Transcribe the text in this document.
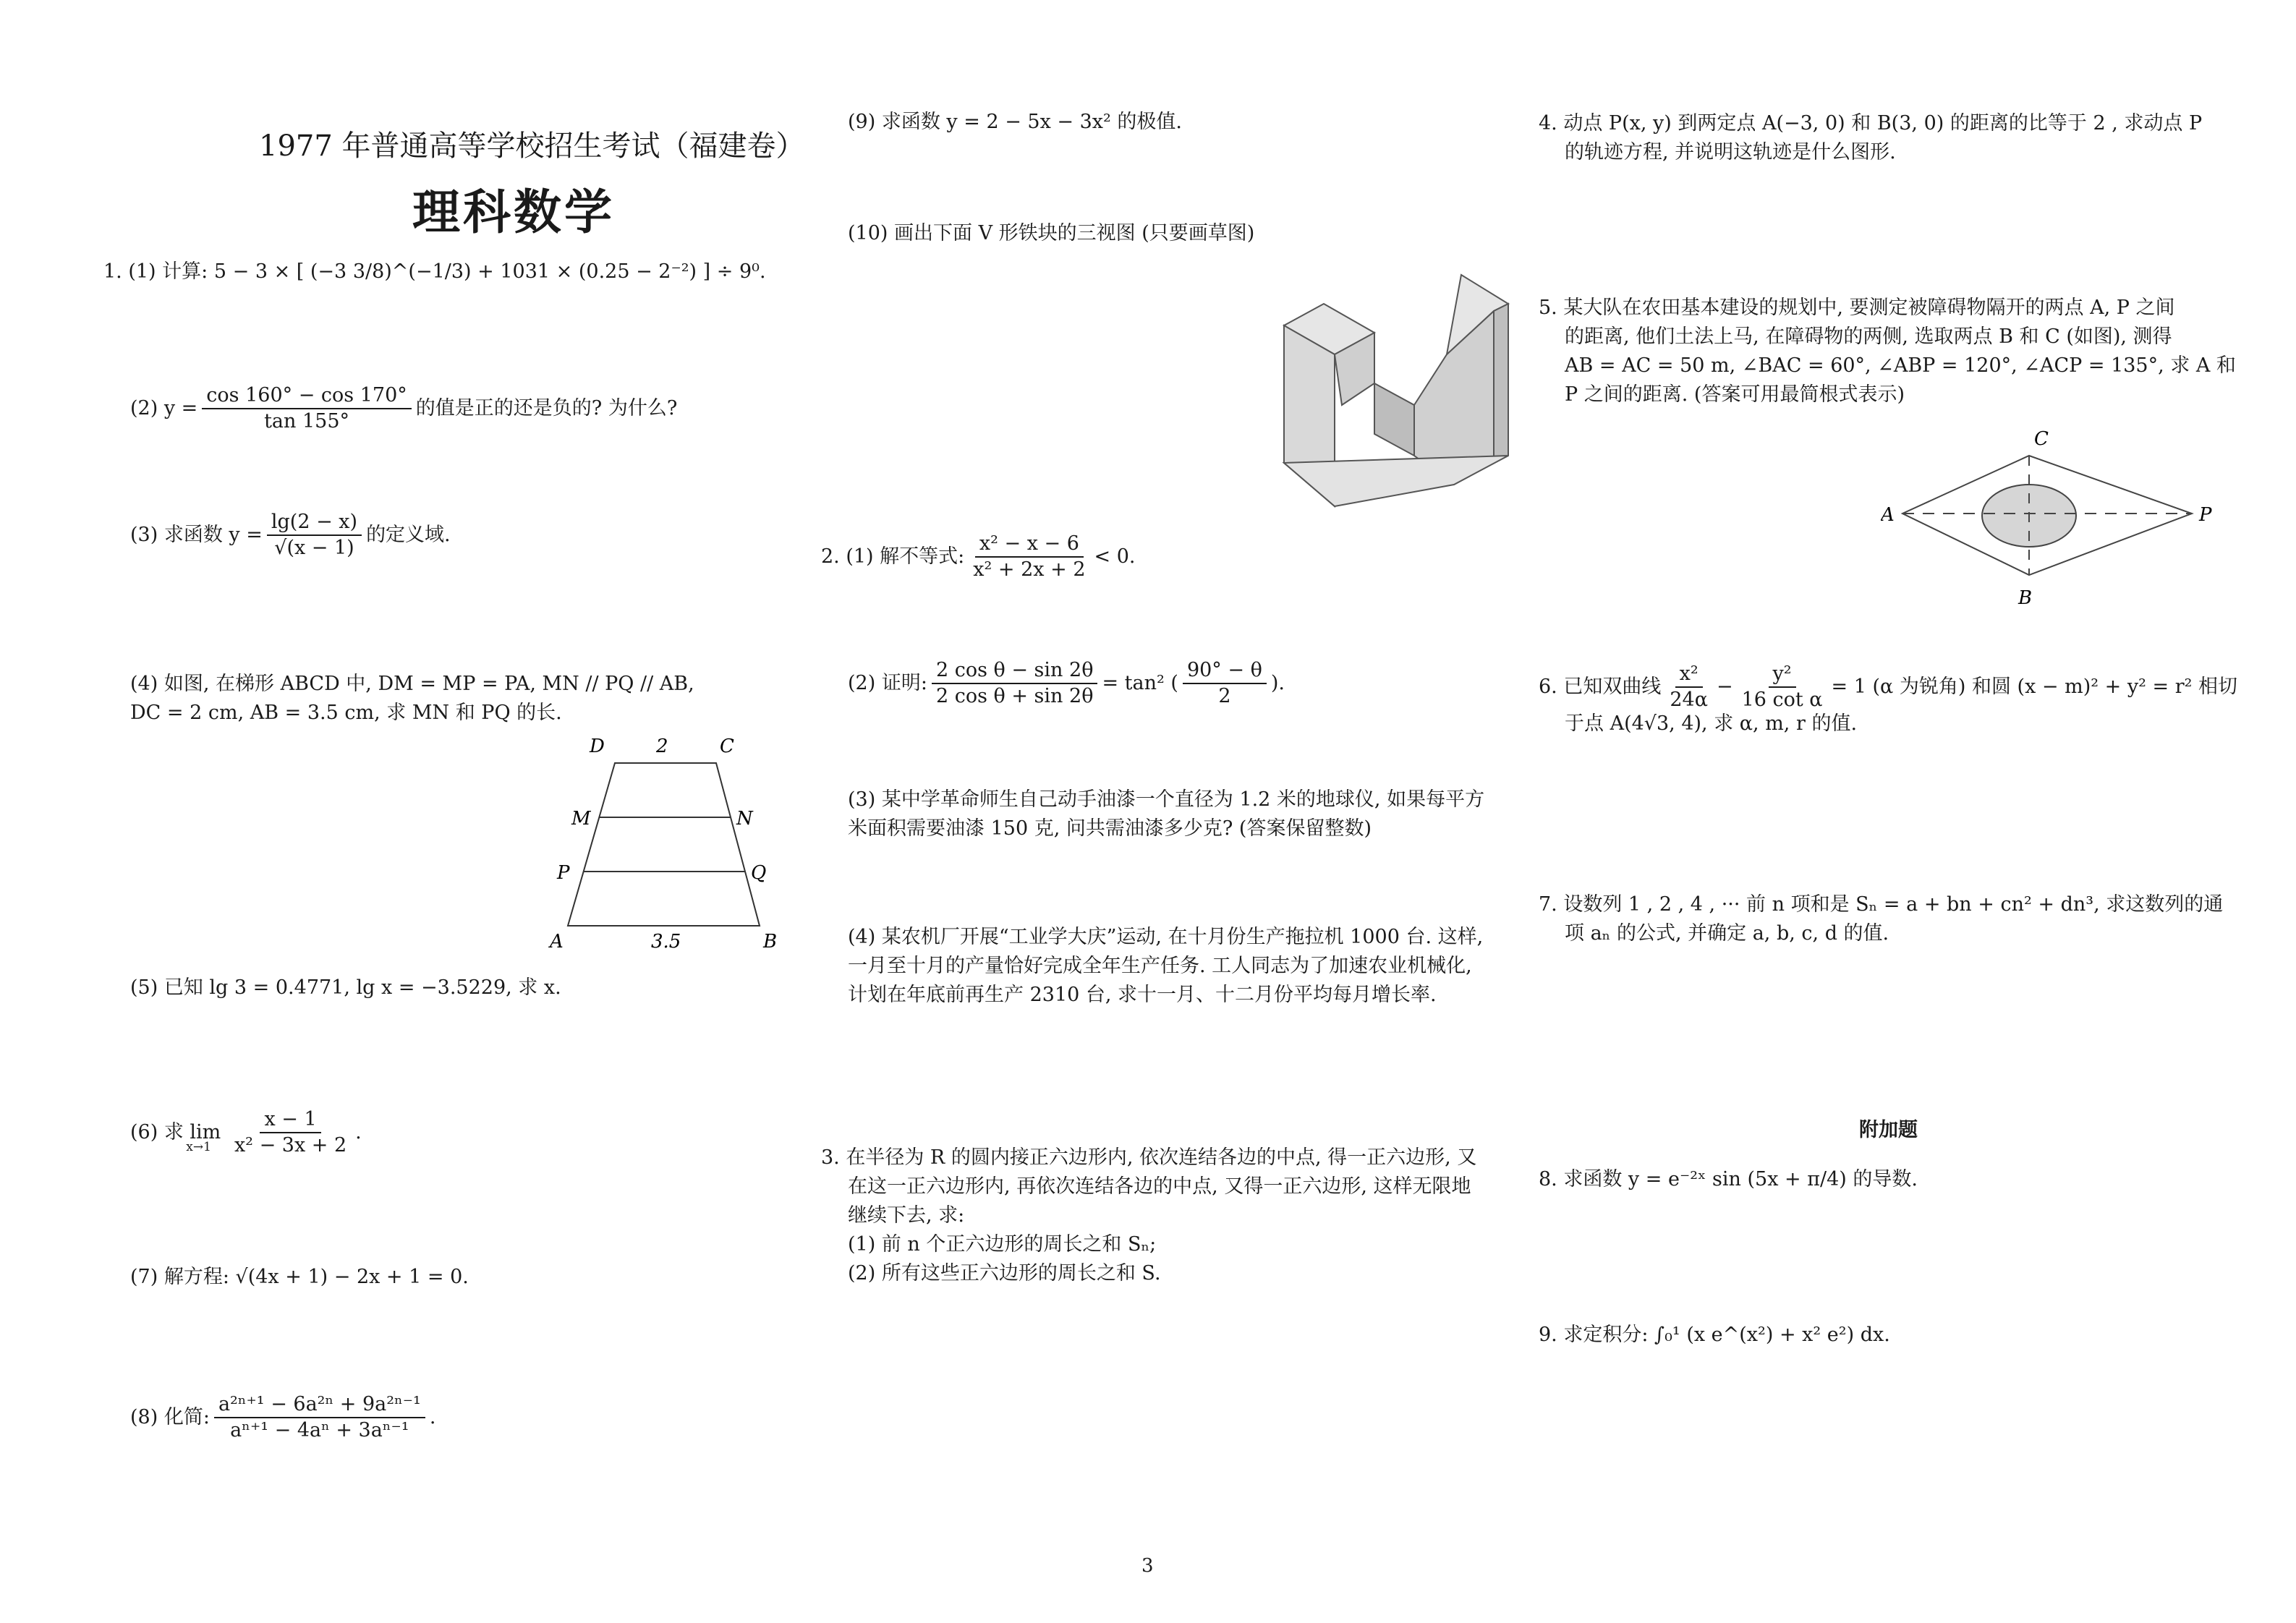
1977 年普通高等学校招生考试（福建卷）
理科数学
1. (1) 计算: 5 − 3 × [ (−3 3/8)^(−1/3) + 1031 × (0.25 − 2⁻²) ] ÷ 9⁰.
(2) $y = \frac{\cos 160^\circ - \cos 170^\circ}{\tan 155^\circ}$ 的值是正的还是负的? 为什么?
(3) 求函数 $y = \frac{\lg(2 - x)}{√(x - 1)}$ 的定义域.
(4) 如图, 在梯形 ABCD 中, DM = MP = PA, MN // PQ // AB,
DC = 2 cm, AB = 3.5 cm, 求 MN 和 PQ 的长.
D	2	C
M	N
P	Q
A	3.5	B
(5) 已知 lg 3 = 0.4771, lg x = −3.5229, 求 x.
(6) 求 lim
$x\to 1 \frac{x - 1}{\text{x² − 3x + 2}}$ .
(7) 解方程: √(4x + 1) − 2x + 1 = 0.
(8) 化简: $\frac{\text{a²ⁿ⁺¹ − 6a²ⁿ + 9a²ⁿ⁻¹}}{\text{aⁿ⁺¹ − 4aⁿ + 3aⁿ⁻¹}}$ .
(9) 求函数 y = 2 − 5x − 3x² 的极值.
(10) 画出下面 V 形铁块的三视图 (只要画草图)
2. (1) 解不等式: $\frac{\text{x² − x − 6}}{\text{x² + 2x + 2}} < 0$.
(2) 证明: $\frac{\text{2 cos θ − sin 2θ}}{\text{2 cos θ + sin 2θ}} = \tan^2$ ( $\frac{90^\circ - \theta}{2}$ ).
(3) 某中学革命师生自己动手油漆一个直径为 1.2 米的地球仪, 如果每平方
米面积需要油漆 150 克, 问共需油漆多少克? (答案保留整数)
(4) 某农机厂开展“工业学大庆”运动, 在十月份生产拖拉机 1000 台. 这样,
一月至十月的产量恰好完成全年生产任务. 工人同志为了加速农业机械化,
计划在年底前再生产 2310 台, 求十一月、十二月份平均每月增长率.
3. 在半径为 R 的圆内接正六边形内, 依次连结各边的中点, 得一正六边形, 又
在这一正六边形内, 再依次连结各边的中点, 又得一正六边形, 这样无限地
继续下去, 求:
(1) 前 n 个正六边形的周长之和 Sₙ;
(2) 所有这些正六边形的周长之和 S.
4. 动点 P(x, y) 到两定点 A(−3, 0) 和 B(3, 0) 的距离的比等于 2 , 求动点 P
的轨迹方程, 并说明这轨迹是什么图形.
5. 某大队在农田基本建设的规划中, 要测定被障碍物隔开的两点 A, P 之间
的距离, 他们土法上马, 在障碍物的两侧, 选取两点 B 和 C (如图), 测得
AB = AC = 50 m, ∠BAC = 60°, ∠ABP = 120°, ∠ACP = 135°, 求 A 和
P 之间的距离. (答案可用最简根式表示)
A	P
C
B
6. 已知双曲线 $\frac{\text{x²}}{24\alpha} - \frac{\text{y²}}{\text{16 cot α}} = 1$ (α 为锐角) 和圆 (x − m)² + y² = r² 相切
于点 A(4√3, 4), 求 α, m, r 的值.
7. 设数列 1 , 2 , 4 , ··· 前 n 项和是 Sₙ = a + bn + cn² + dn³, 求这数列的通
项 aₙ 的公式, 并确定 a, b, c, d 的值.
附加题
8. 求函数 y = e⁻²ˣ sin (5x + π/4) 的导数.
9. 求定积分: ∫₀¹ (x e^(x²) + x² e²) dx.
3
